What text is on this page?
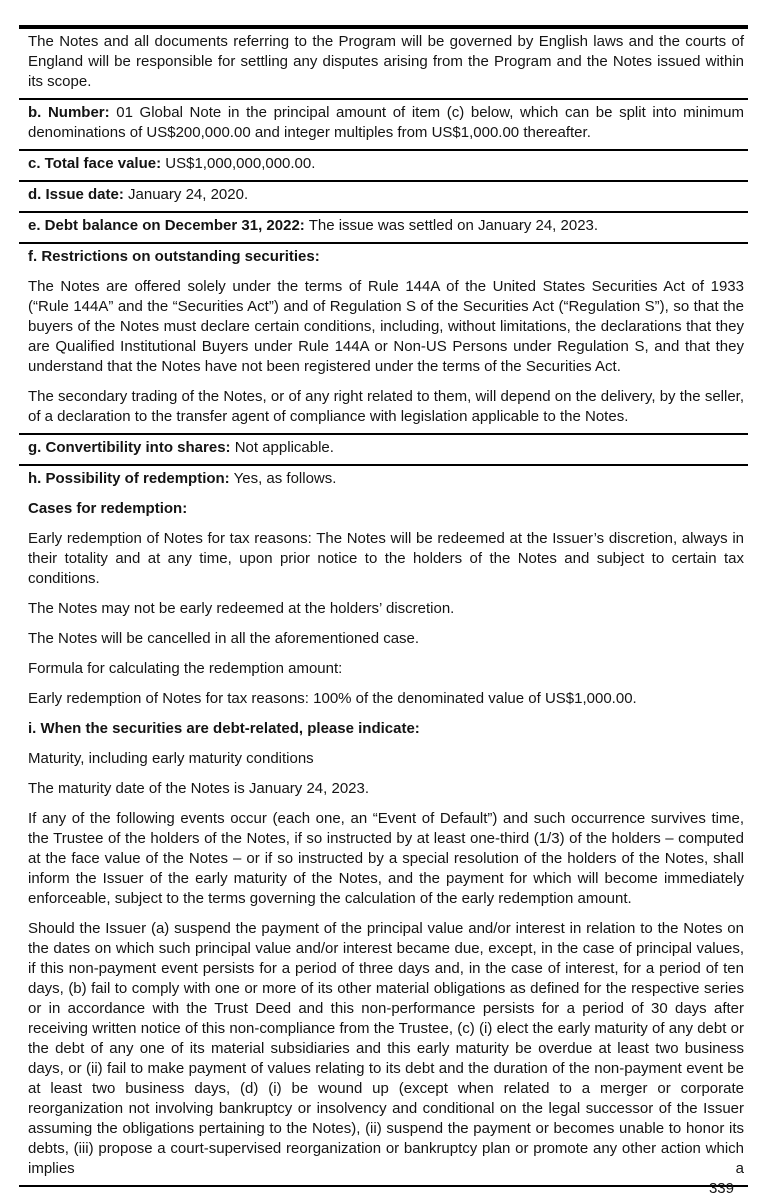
The Notes and all documents referring to the Program will be governed by English laws and the courts of England will be responsible for settling any disputes arising from the Program and the Notes issued within its scope.

b. Number: 01 Global Note in the principal amount of item (c) below, which can be split into minimum denominations of US$200,000.00 and integer multiples from US$1,000.00 thereafter.

c. Total face value: US$1,000,000,000.00.

d. Issue date: January 24, 2020.

e. Debt balance on December 31, 2022: The issue was settled on January 24, 2023.

f. Restrictions on outstanding securities:

The Notes are offered solely under the terms of Rule 144A of the United States Securities Act of 1933 (“Rule 144A” and the “Securities Act”) and of Regulation S of the Securities Act (“Regulation S”), so that the buyers of the Notes must declare certain conditions, including, without limitations, the declarations that they are Qualified Institutional Buyers under Rule 144A or Non-US Persons under Regulation S, and that they understand that the Notes have not been registered under the terms of the Securities Act.

The secondary trading of the Notes, or of any right related to them, will depend on the delivery, by the seller, of a declaration to the transfer agent of compliance with legislation applicable to the Notes.

g. Convertibility into shares: Not applicable.

h. Possibility of redemption: Yes, as follows.

Cases for redemption:

Early redemption of Notes for tax reasons: The Notes will be redeemed at the Issuer’s discretion, always in their totality and at any time, upon prior notice to the holders of the Notes and subject to certain tax conditions.

The Notes may not be early redeemed at the holders’ discretion.

The Notes will be cancelled in all the aforementioned case.

Formula for calculating the redemption amount:

Early redemption of Notes for tax reasons: 100% of the denominated value of US$1,000.00.

i. When the securities are debt-related, please indicate:

Maturity, including early maturity conditions

The maturity date of the Notes is January 24, 2023.

If any of the following events occur (each one, an “Event of Default”) and such occurrence survives time, the Trustee of the holders of the Notes, if so instructed by at least one-third (1/3) of the holders – computed at the face value of the Notes – or if so instructed by a special resolution of the holders of the Notes, shall inform the Issuer of the early maturity of the Notes, and the payment for which will become immediately enforceable, subject to the terms governing the calculation of the early redemption amount.

Should the Issuer (a) suspend the payment of the principal value and/or interest in relation to the Notes on the dates on which such principal value and/or interest became due, except, in the case of principal values, if this non-payment event persists for a period of three days and, in the case of interest, for a period of ten days, (b) fail to comply with one or more of its other material obligations as defined for the respective series or in accordance with the Trust Deed and this non-performance persists for a period of 30 days after receiving written notice of this non-compliance from the Trustee, (c) (i) elect the early maturity of any debt or the debt of any one of its material subsidiaries and this early maturity be overdue at least two business days, or (ii) fail to make payment of values relating to its debt and the duration of the non-payment event be at least two business days, (d) (i) be wound up (except when related to a merger or corporate reorganization not involving bankruptcy or insolvency and conditional on the legal successor of the Issuer assuming the obligations pertaining to the Notes), (ii) suspend the payment or becomes unable to honor its debts, (iii) propose a court-supervised reorganization or bankruptcy plan or promote any other action which implies a

339
